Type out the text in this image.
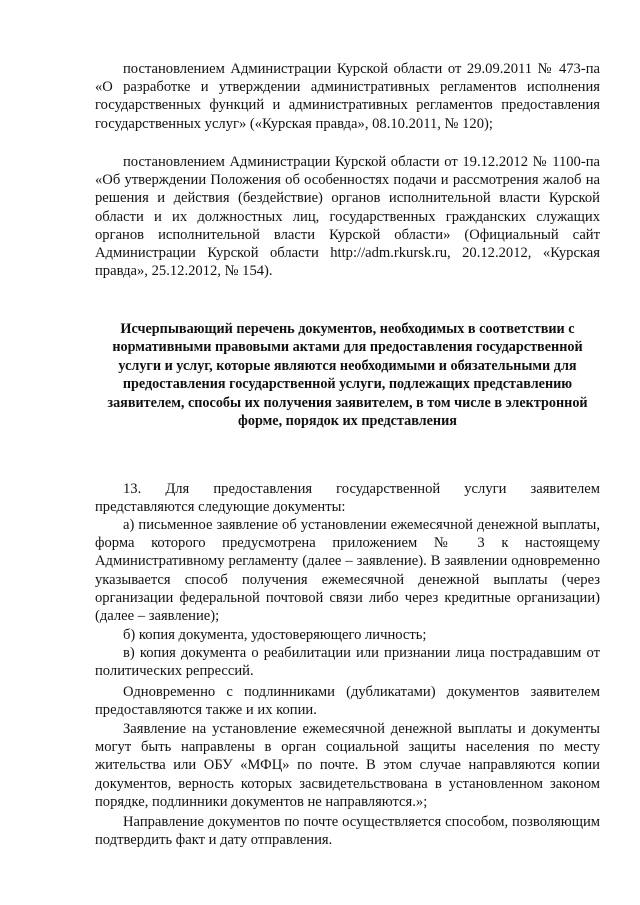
постановлением Администрации Курской области от 29.09.2011 № 473-па «О разработке и утверждении административных регламентов исполнения государственных функций и административных регламентов предоставления государственных услуг» («Курская правда», 08.10.2011, № 120);

постановлением Администрации Курской области от 19.12.2012 № 1100-па «Об утверждении Положения об особенностях подачи и рассмотрения жалоб на решения и действия (бездействие) органов исполнительной власти Курской области и их должностных лиц, государственных гражданских служащих органов исполнительной власти Курской области» (Официальный сайт Администрации Курской области http://adm.rkursk.ru, 20.12.2012, «Курская правда», 25.12.2012, № 154).

Исчерпывающий перечень документов, необходимых в соответствии с нормативными правовыми актами для предоставления государственной услуги и услуг, которые являются необходимыми и обязательными для предоставления государственной услуги, подлежащих представлению заявителем, способы их получения заявителем, в том числе в электронной форме, порядок их представления

13. Для предоставления государственной услуги заявителем представляются следующие документы:

а) письменное заявление об установлении ежемесячной денежной выплаты, форма которого предусмотрена приложением № 3 к настоящему Административному регламенту (далее – заявление). В заявлении одновременно указывается способ получения ежемесячной денежной выплаты (через организации федеральной почтовой связи либо через кредитные организации) (далее – заявление);

б) копия документа, удостоверяющего личность;

в) копия документа о реабилитации или признании лица пострадавшим от политических репрессий.

Одновременно с подлинниками (дубликатами) документов заявителем предоставляются также и их копии.

Заявление на установление ежемесячной денежной выплаты и документы могут быть направлены в орган социальной защиты населения по месту жительства или ОБУ «МФЦ» по почте. В этом случае направляются копии документов, верность которых засвидетельствована в установленном законом порядке, подлинники документов не направляются.»;

Направление документов по почте осуществляется способом, позволяющим подтвердить факт и дату отправления.
